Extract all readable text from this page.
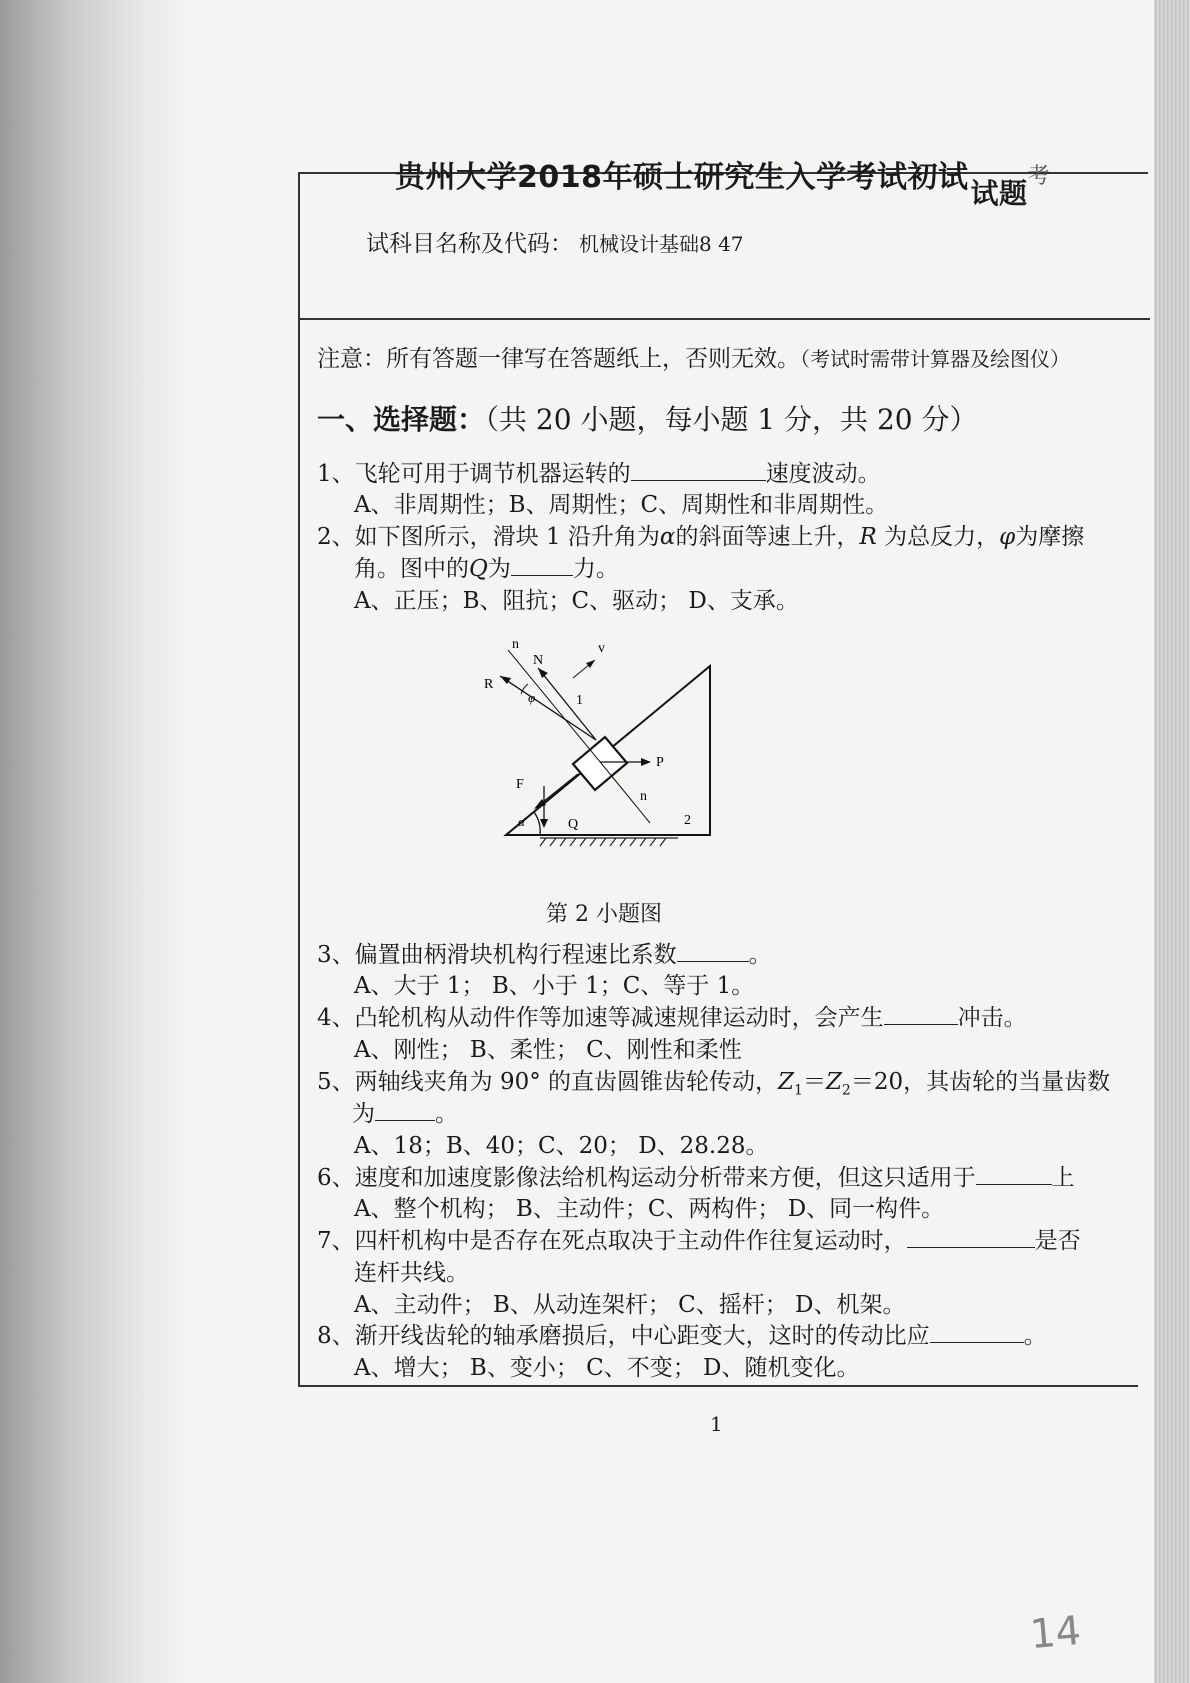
贵州大学2018年硕士研究生入学考试初试试题考
试科目名称及代码： 机械设计基础8 47
注意：所有答题一律写在答题纸上，否则无效。（考试时需带计算器及绘图仪）
一、选择题：（共 20 小题，每小题 1 分，共 20 分）
1、飞轮可用于调节机器运转的	速度波动。
A、非周期性；B、周期性；C、周期性和非周期性。
2、如下图所示，滑块 1 沿升角为α的斜面等速上升，R 为总反力，φ为摩擦
角。图中的Q为	力。
A、正压；B、阻抗；C、驱动； D、支承。
n	v
N
R
φ	1
P
F
n
α	Q	2
第 2 小题图
3、偏置曲柄滑块机构行程速比系数	。
A、大于 1； B、小于 1；C、等于 1。
4、凸轮机构从动件作等加速等减速规律运动时，会产生	冲击。
A、刚性； B、柔性； C、刚性和柔性
5、两轴线夹角为 90° 的直齿圆锥齿轮传动，$Z_1=Z_2=20$，其齿轮的当量齿数
为	。
A、18；B、40；C、20； D、28.28。
6、速度和加速度影像法给机构运动分析带来方便，但这只适用于	上
A、整个机构； B、主动件；C、两构件； D、同一构件。
7、四杆机构中是否存在死点取决于主动件作往复运动时，	是否
连杆共线。
A、主动件； B、从动连架杆； C、摇杆； D、机架。
8、渐开线齿轮的轴承磨损后，中心距变大，这时的传动比应	。
A、增大； B、变小； C、不变； D、随机变化。
1
14
